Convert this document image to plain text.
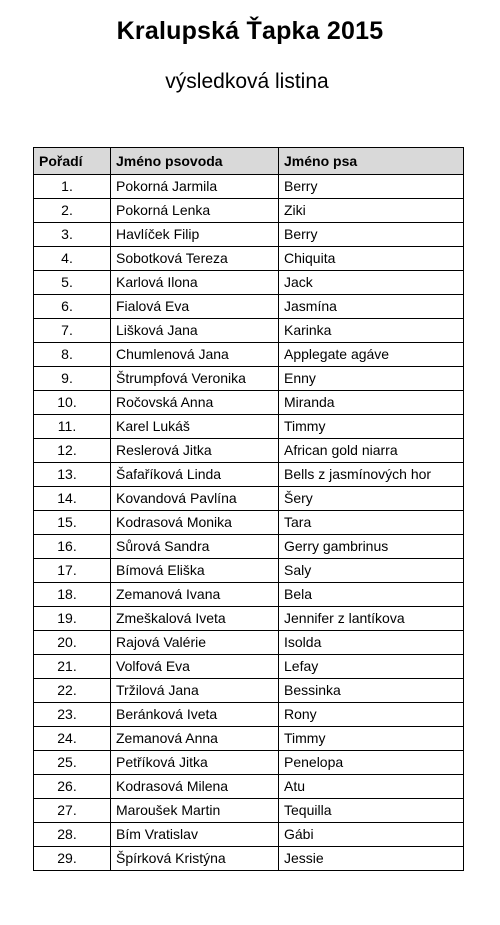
Kralupská Ťapka 2015
výsledková listina
Pořadí	Jméno psovoda	Jméno psa
1.	Pokorná Jarmila	Berry
2.	Pokorná Lenka	Ziki
3.	Havlíček Filip	Berry
4.	Sobotková Tereza	Chiquita
5.	Karlová Ilona	Jack
6.	Fialová Eva	Jasmína
7.	Lišková Jana	Karinka
8.	Chumlenová Jana	Applegate agáve
9.	Štrumpfová Veronika	Enny
10.	Ročovská Anna	Miranda
11.	Karel Lukáš	Timmy
12.	Reslerová Jitka	African gold niarra
13.	Šafaříková Linda	Bells z jasmínových hor
14.	Kovandová Pavlína	Šery
15.	Kodrasová Monika	Tara
16.	Sůrová Sandra	Gerry gambrinus
17.	Bímová Eliška	Saly
18.	Zemanová Ivana	Bela
19.	Zmeškalová Iveta	Jennifer z lantíkova
20.	Rajová Valérie	Isolda
21.	Volfová Eva	Lefay
22.	Tržilová Jana	Bessinka
23.	Beránková Iveta	Rony
24.	Zemanová Anna	Timmy
25.	Petříková Jitka	Penelopa
26.	Kodrasová Milena	Atu
27.	Maroušek Martin	Tequilla
28.	Bím Vratislav	Gábi
29.	Špírková Kristýna	Jessie
